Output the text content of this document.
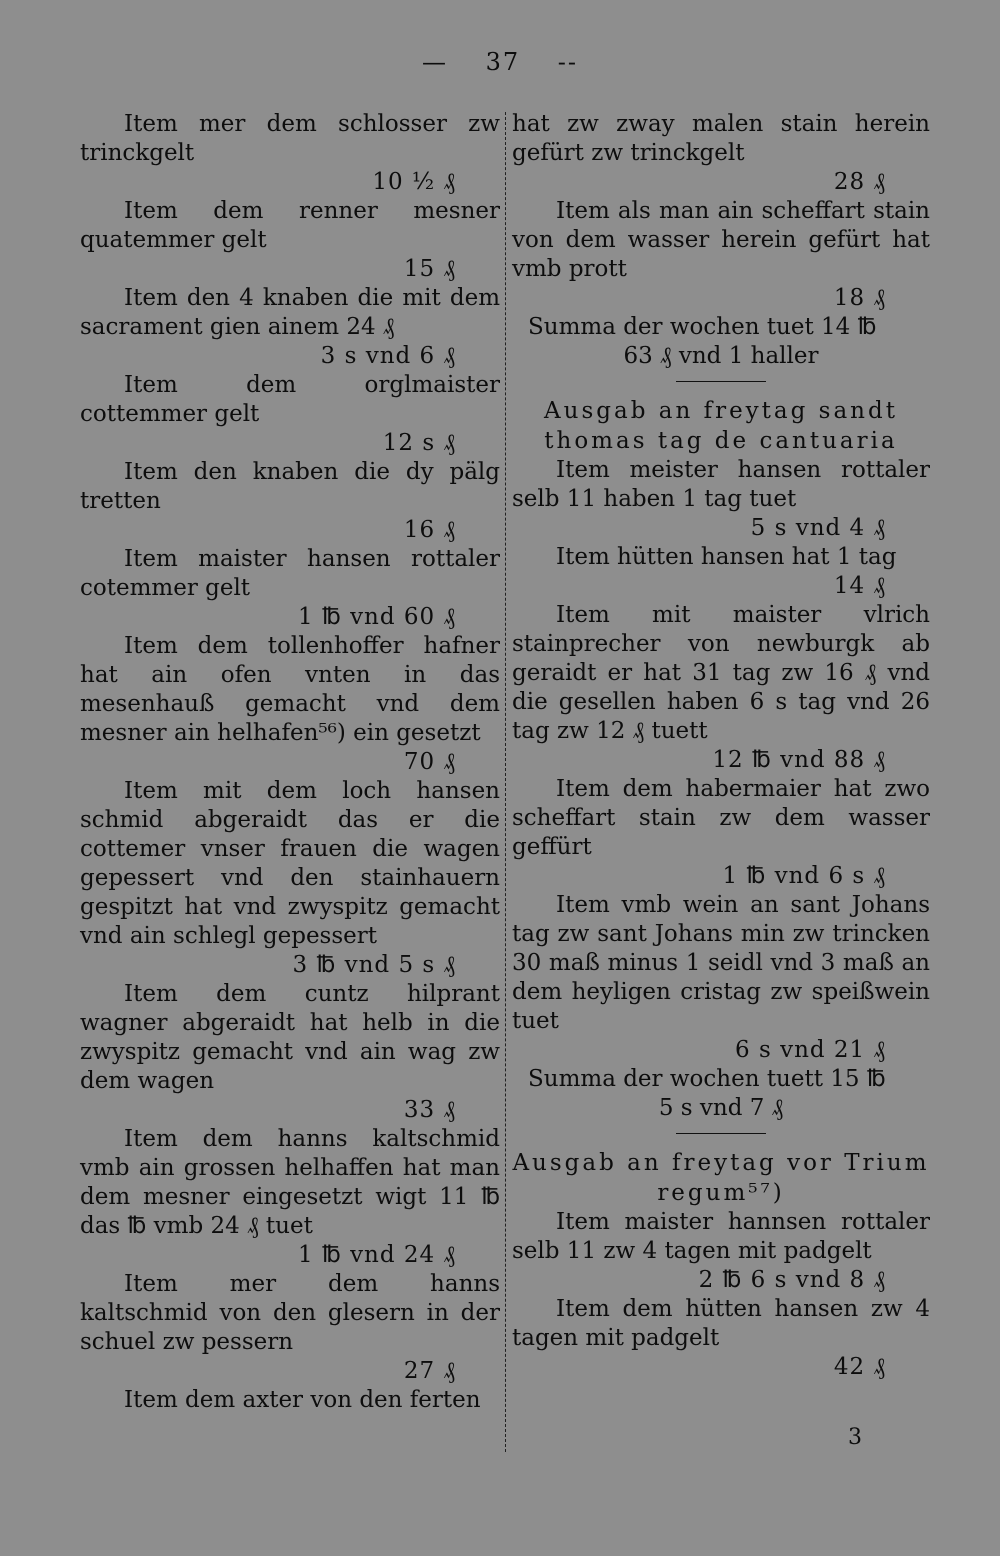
— 37 --
Item mer dem schlosser zw trinckgelt
10 ½ ₰
Item dem renner mesner quatemmer gelt
15 ₰
Item den 4 knaben die mit dem sacrament gien ainem 24 ₰
3 s vnd 6 ₰
Item dem orglmaister cottemmer gelt
12 s ₰
Item den knaben die dy pälg tretten
16 ₰
Item maister hansen rottaler cotemmer gelt
1 ℔ vnd 60 ₰
Item dem tollenhoffer hafner hat ain ofen vnten in das mesenhauß gemacht vnd dem mesner ain helhafen⁵⁶) ein gesetzt
70 ₰
Item mit dem loch hansen schmid abgeraidt das er die cottemer vnser frauen die wagen gepessert vnd den stainhauern gespitzt hat vnd zwyspitz gemacht vnd ain schlegl gepessert
3 ℔ vnd 5 s ₰
Item dem cuntz hilprant wagner abgeraidt hat helb in die zwyspitz gemacht vnd ain wag zw dem wagen
33 ₰
Item dem hanns kaltschmid vmb ain grossen helhaffen hat man dem mesner eingesetzt wigt 11 ℔ das ℔ vmb 24 ₰ tuet
1 ℔ vnd 24 ₰
Item mer dem hanns kaltschmid von den glesern in der schuel zw pessern
27 ₰
Item dem axter von den ferten
hat zw zway malen stain herein gefürt zw trinckgelt
28 ₰
Item als man ain scheffart stain von dem wasser herein gefürt hat vmb prott
18 ₰
Summa der wochen tuet 14 ℔
63 ₰ vnd 1 haller
Ausgab an freytag sandt
thomas tag de cantuaria
Item meister hansen rottaler selb 11 haben 1 tag tuet
5 s vnd 4 ₰
Item hütten hansen hat 1 tag
14 ₰
Item mit maister vlrich stainprecher von newburgk ab geraidt er hat 31 tag zw 16 ₰ vnd die gesellen haben 6 s tag vnd 26 tag zw 12 ₰ tuett
12 ℔ vnd 88 ₰
Item dem habermaier hat zwo scheffart stain zw dem wasser geffürt
1 ℔ vnd 6 s ₰
Item vmb wein an sant Johans tag zw sant Johans min zw trincken 30 maß minus 1 seidl vnd 3 maß an dem heyligen cristag zw speißwein tuet
6 s vnd 21 ₰
Summa der wochen tuett 15 ℔
5 s vnd 7 ₰
Ausgab an freytag vor Trium
regum⁵⁷)
Item maister hannsen rottaler selb 11 zw 4 tagen mit padgelt
2 ℔ 6 s vnd 8 ₰
Item dem hütten hansen zw 4 tagen mit padgelt
42 ₰
3
